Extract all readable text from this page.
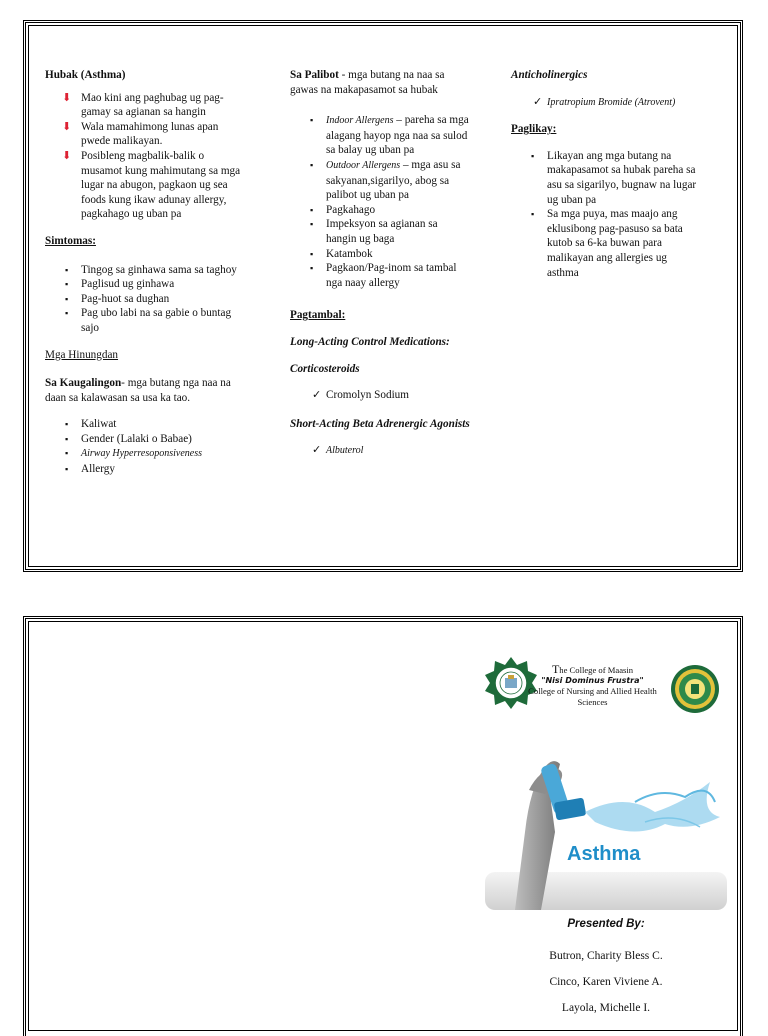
Hubak (Asthma)
⬇ Mao kini ang paghubag ug pag-gamay sa agianan sa hangin
⬇ Wala mamahimong lunas apan pwede malikayan.
⬇ Posibleng magbalik-balik o musamot kung mahimutang sa mga lugar na abugon, pagkaon ug sea foods kung ikaw adunay allergy, pagkahago ug uban pa
Simtomas:
▪ Tingog sa ginhawa sama sa taghoy
▪ Paglisud ug ginhawa
▪ Pag-huot sa dughan
▪ Pag ubo labi na sa gabie o buntag sajo
Mga Hinungdan

Sa Kaugalingon- mga butang nga naa na daan sa kalawasan sa usa ka tao.

▪ Kaliwat
▪ Gender (Lalaki o Babae)
▪ Airway Hyperresoponsiveness
▪ Allergy

Sa Palibot - mga butang na naa sa gawas na makapasamot sa hubak

▪ Indoor Allergens – pareha sa mga alagang hayop nga naa sa sulod sa balay ug uban pa
▪ Outdoor Allergens – mga asu sa sakyanan,sigarilyo, abog sa palibot ug uban pa
▪ Pagkahago
▪ Impeksyon sa agianan sa hangin ug baga
▪ Katambok
▪ Pagkaon/Pag-inom sa tambal nga naay allergy
Pagtambal:

Long-Acting Control Medications:

Corticosteroids

✓ Cromolyn Sodium

Short-Acting Beta Adrenergic Agonists

✓ Albuterol

Anticholinergics

✓ Ipratropium Bromide (Atrovent)
Paglikay:
▪ Likayan ang mga butang na makapasamot sa hubak pareha sa asu sa sigarilyo, bugnaw na lugar ug uban pa
▪ Sa mga puya, mas maajo ang eklusibong pag-pasuso sa bata kutob sa 6-ka buwan para malikayan ang allergies ug asthma
The College of Maasin
"Nisi Dominus Frustra"
College of Nursing and Allied Health Sciences
Asthma
Presented By:
Butron, Charity Bless C.
Cinco, Karen Viviene A.
Layola, Michelle I.
